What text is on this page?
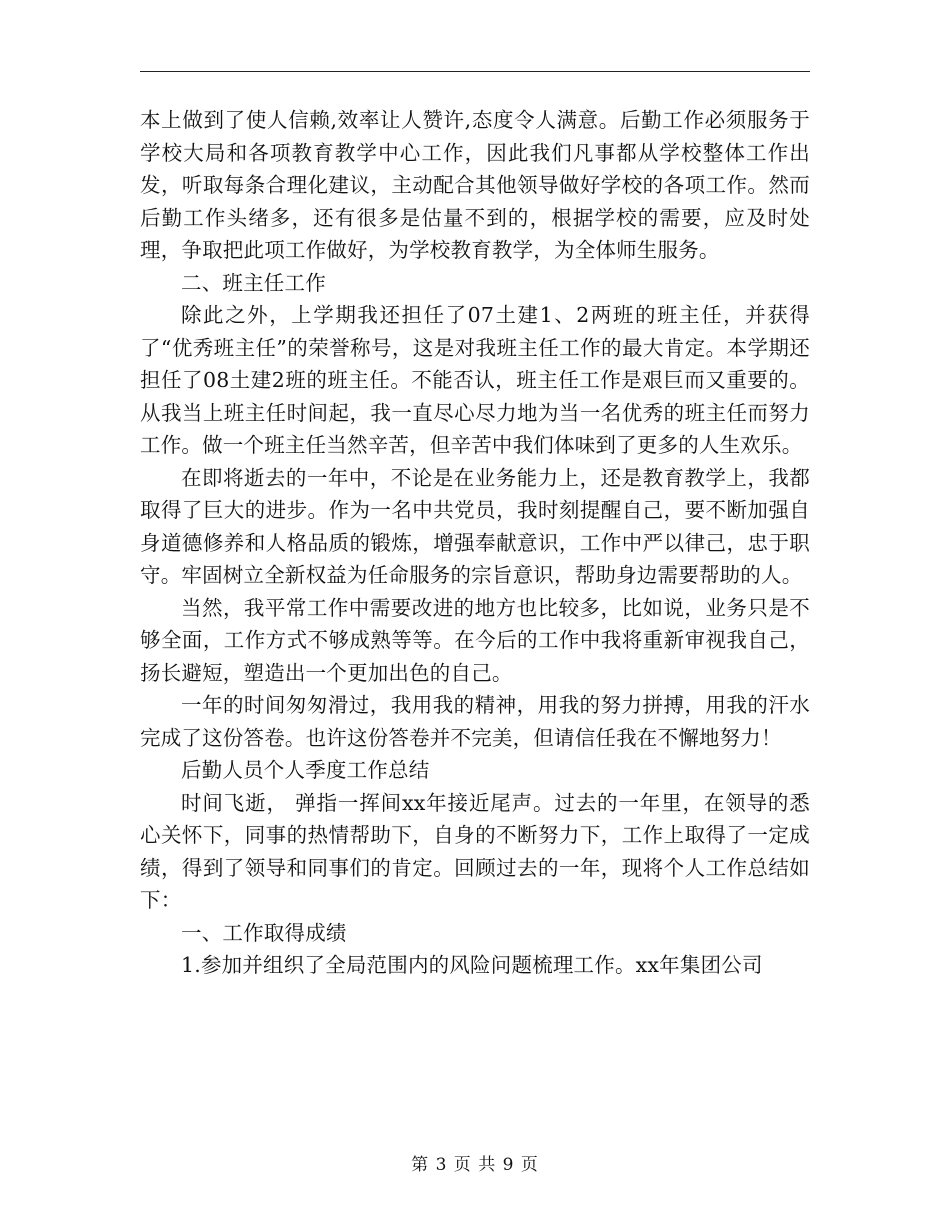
本上做到了使人信赖,效率让人赞许,态度令人满意。后勤工作必须服务于学校大局和各项教育教学中心工作，因此我们凡事都从学校整体工作出发，听取每条合理化建议，主动配合其他领导做好学校的各项工作。然而后勤工作头绪多，还有很多是估量不到的，根据学校的需要，应及时处理，争取把此项工作做好，为学校教育教学，为全体师生服务。

二、班主任工作

除此之外，上学期我还担任了07土建1、2两班的班主任，并获得了“优秀班主任”的荣誉称号，这是对我班主任工作的最大肯定。本学期还担任了08土建2班的班主任。不能否认，班主任工作是艰巨而又重要的。从我当上班主任时间起，我一直尽心尽力地为当一名优秀的班主任而努力工作。做一个班主任当然辛苦，但辛苦中我们体味到了更多的人生欢乐。

在即将逝去的一年中，不论是在业务能力上，还是教育教学上，我都取得了巨大的进步。作为一名中共党员，我时刻提醒自己，要不断加强自身道德修养和人格品质的锻炼，增强奉献意识，工作中严以律己，忠于职守。牢固树立全新权益为任命服务的宗旨意识，帮助身边需要帮助的人。

当然，我平常工作中需要改进的地方也比较多，比如说，业务只是不够全面，工作方式不够成熟等等。在今后的工作中我将重新审视我自己，扬长避短，塑造出一个更加出色的自己。

一年的时间匆匆滑过，我用我的精神，用我的努力拼搏，用我的汗水完成了这份答卷。也许这份答卷并不完美，但请信任我在不懈地努力！

后勤人员个人季度工作总结

时间飞逝， 弹指一挥间xx年接近尾声。过去的一年里，在领导的悉心关怀下，同事的热情帮助下，自身的不断努力下，工作上取得了一定成绩，得到了领导和同事们的肯定。回顾过去的一年，现将个人工作总结如下：

一、工作取得成绩

1.参加并组织了全局范围内的风险问题梳理工作。xx年集团公司

第 3 页 共 9 页
